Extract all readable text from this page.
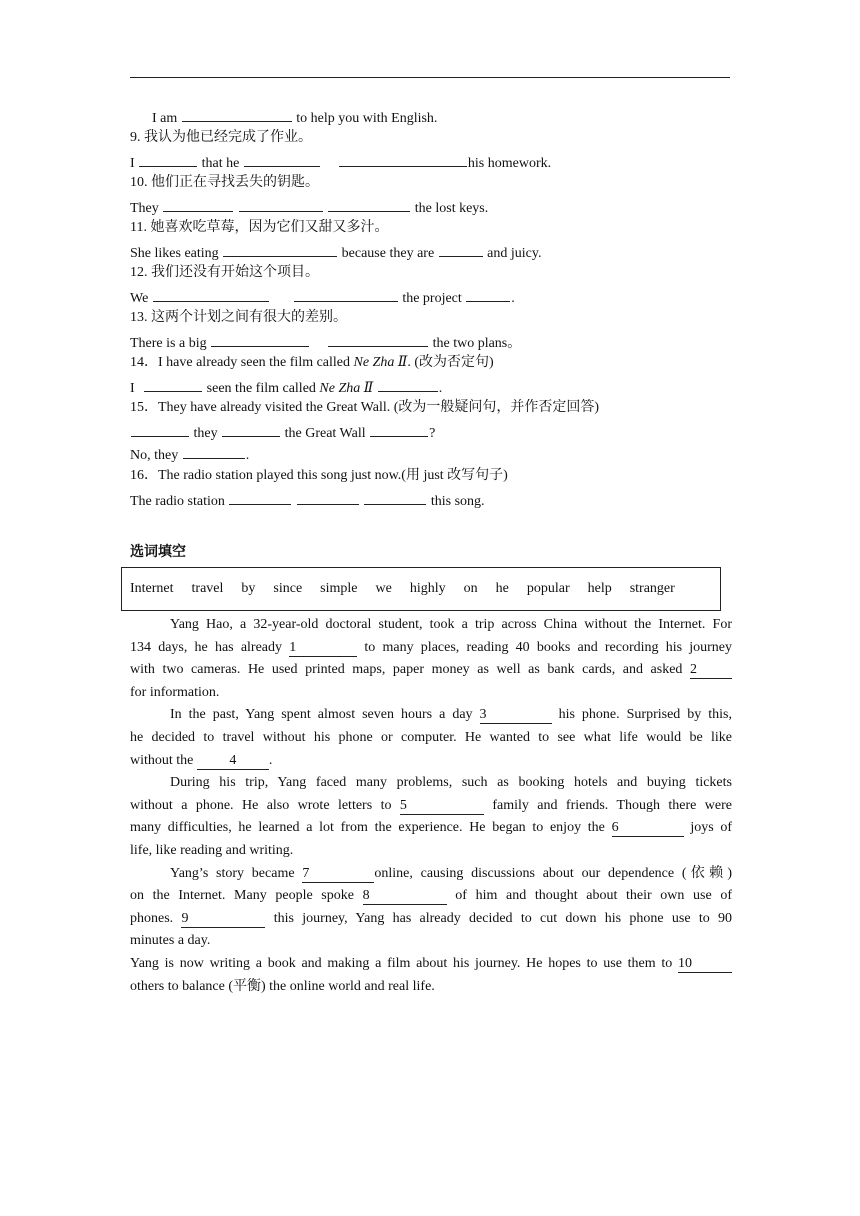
I am	to help you with English.
9. 我认为他已经完成了作业。
I	that he	his homework.
10. 他们正在寻找丢失的钥匙。
They	the lost keys.
11. 她喜欢吃草莓，因为它们又甜又多汁。
She likes eating	because they are	and juicy.
12. 我们还没有开始这个项目。
We	the project	.
13. 这两个计划之间有很大的差别。
There is a big	the two plans。
14．I have already seen the film called Ne Zha Ⅱ. (改为否定句)
I	seen the film called Ne Zha Ⅱ	.
15．They have already visited the Great Wall. (改为一般疑问句，并作否定回答)
they	the Great Wall	?
No, they	.
16．The radio station played this song just now.(用 just 改写句子)
The radio station	this song.
选词填空
Internet travel by since simple we highly on he popular help stranger
Yang Hao, a 32-year-old doctoral student, took a trip across China without the Internet. For
134 days, he has already 1	to many places, reading 40 books and recording his journey
with two cameras. He used printed maps, paper money as well as bank cards, and asked 2
for information.
In the past, Yang spent almost seven hours a day 3	his phone. Surprised by this,
he decided to travel without his phone or computer. He wanted to see what life would be like
without the	4 .
During his trip, Yang faced many problems, such as booking hotels and buying tickets
without a phone. He also wrote letters to 5	family and friends. Though there were
many difficulties, he learned a lot from the experience. He began to enjoy the 6	joys of
life, like reading and writing.
Yang’s story became 7	online, causing discussions about our dependence (依赖)
on the Internet. Many people spoke 8	of him and thought about their own use of
phones. 9	this journey, Yang has already decided to cut down his phone use to 90
minutes a day.
Yang is now writing a book and making a film about his journey. He hopes to use them to 10
others to balance (平衡) the online world and real life.
